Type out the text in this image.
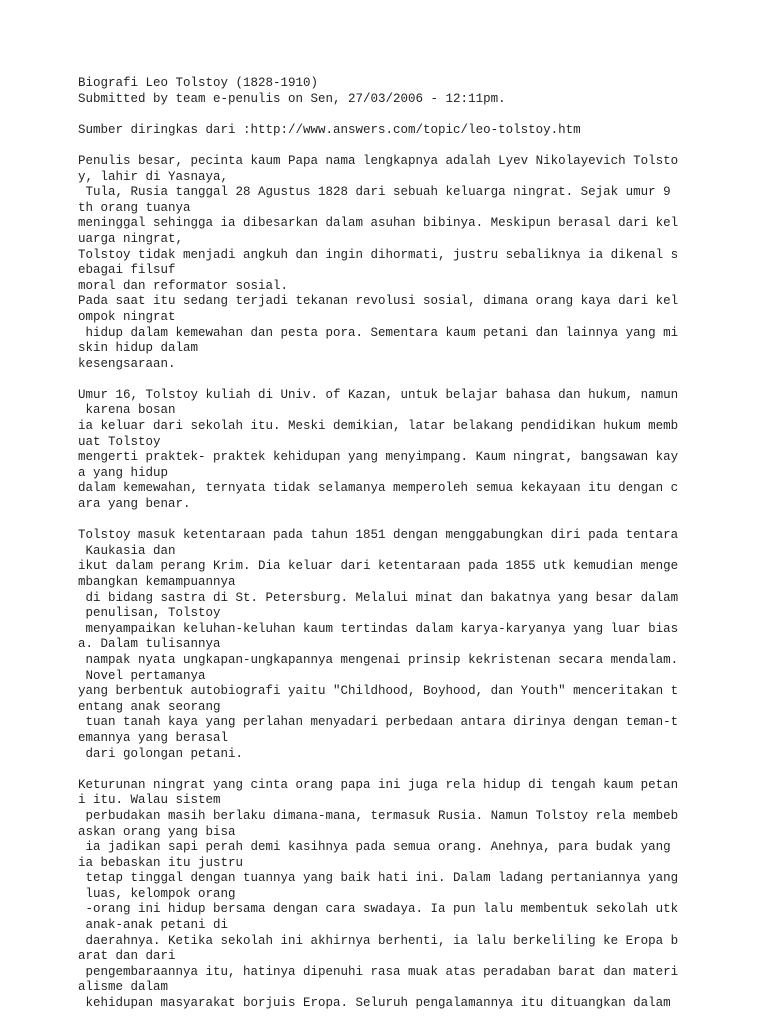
Biografi Leo Tolstoy (1828-1910)
Submitted by team e-penulis on Sen, 27/03/2006 - 12:11pm.
Sumber diringkas dari :http://www.answers.com/topic/leo-tolstoy.htm
Penulis besar, pecinta kaum Papa nama lengkapnya adalah Lyev Nikolayevich Tolsto
y, lahir di Yasnaya,
Tula, Rusia tanggal 28 Agustus 1828 dari sebuah keluarga ningrat. Sejak umur 9
th orang tuanya
meninggal sehingga ia dibesarkan dalam asuhan bibinya. Meskipun berasal dari kel
uarga ningrat,
Tolstoy tidak menjadi angkuh dan ingin dihormati, justru sebaliknya ia dikenal s
ebagai filsuf
moral dan reformator sosial.
Pada saat itu sedang terjadi tekanan revolusi sosial, dimana orang kaya dari kel
ompok ningrat
hidup dalam kemewahan dan pesta pora. Sementara kaum petani dan lainnya yang mi
skin hidup dalam
kesengsaraan.
Umur 16, Tolstoy kuliah di Univ. of Kazan, untuk belajar bahasa dan hukum, namun
karena bosan
ia keluar dari sekolah itu. Meski demikian, latar belakang pendidikan hukum memb
uat Tolstoy
mengerti praktek- praktek kehidupan yang menyimpang. Kaum ningrat, bangsawan kay
a yang hidup
dalam kemewahan, ternyata tidak selamanya memperoleh semua kekayaan itu dengan c
ara yang benar.
Tolstoy masuk ketentaraan pada tahun 1851 dengan menggabungkan diri pada tentara
Kaukasia dan
ikut dalam perang Krim. Dia keluar dari ketentaraan pada 1855 utk kemudian menge
mbangkan kemampuannya
di bidang sastra di St. Petersburg. Melalui minat dan bakatnya yang besar dalam
penulisan, Tolstoy
menyampaikan keluhan-keluhan kaum tertindas dalam karya-karyanya yang luar bias
a. Dalam tulisannya
nampak nyata ungkapan-ungkapannya mengenai prinsip kekristenan secara mendalam.
Novel pertamanya
yang berbentuk autobiografi yaitu "Childhood, Boyhood, dan Youth" menceritakan t
entang anak seorang
tuan tanah kaya yang perlahan menyadari perbedaan antara dirinya dengan teman-t
emannya yang berasal
dari golongan petani.
Keturunan ningrat yang cinta orang papa ini juga rela hidup di tengah kaum petan
i itu. Walau sistem
perbudakan masih berlaku dimana-mana, termasuk Rusia. Namun Tolstoy rela membeb
askan orang yang bisa
ia jadikan sapi perah demi kasihnya pada semua orang. Anehnya, para budak yang
ia bebaskan itu justru
tetap tinggal dengan tuannya yang baik hati ini. Dalam ladang pertaniannya yang
luas, kelompok orang
-orang ini hidup bersama dengan cara swadaya. Ia pun lalu membentuk sekolah utk
anak-anak petani di
daerahnya. Ketika sekolah ini akhirnya berhenti, ia lalu berkeliling ke Eropa b
arat dan dari
pengembaraannya itu, hatinya dipenuhi rasa muak atas peradaban barat dan materi
alisme dalam
kehidupan masyarakat borjuis Eropa. Seluruh pengalamannya itu dituangkan dalam
